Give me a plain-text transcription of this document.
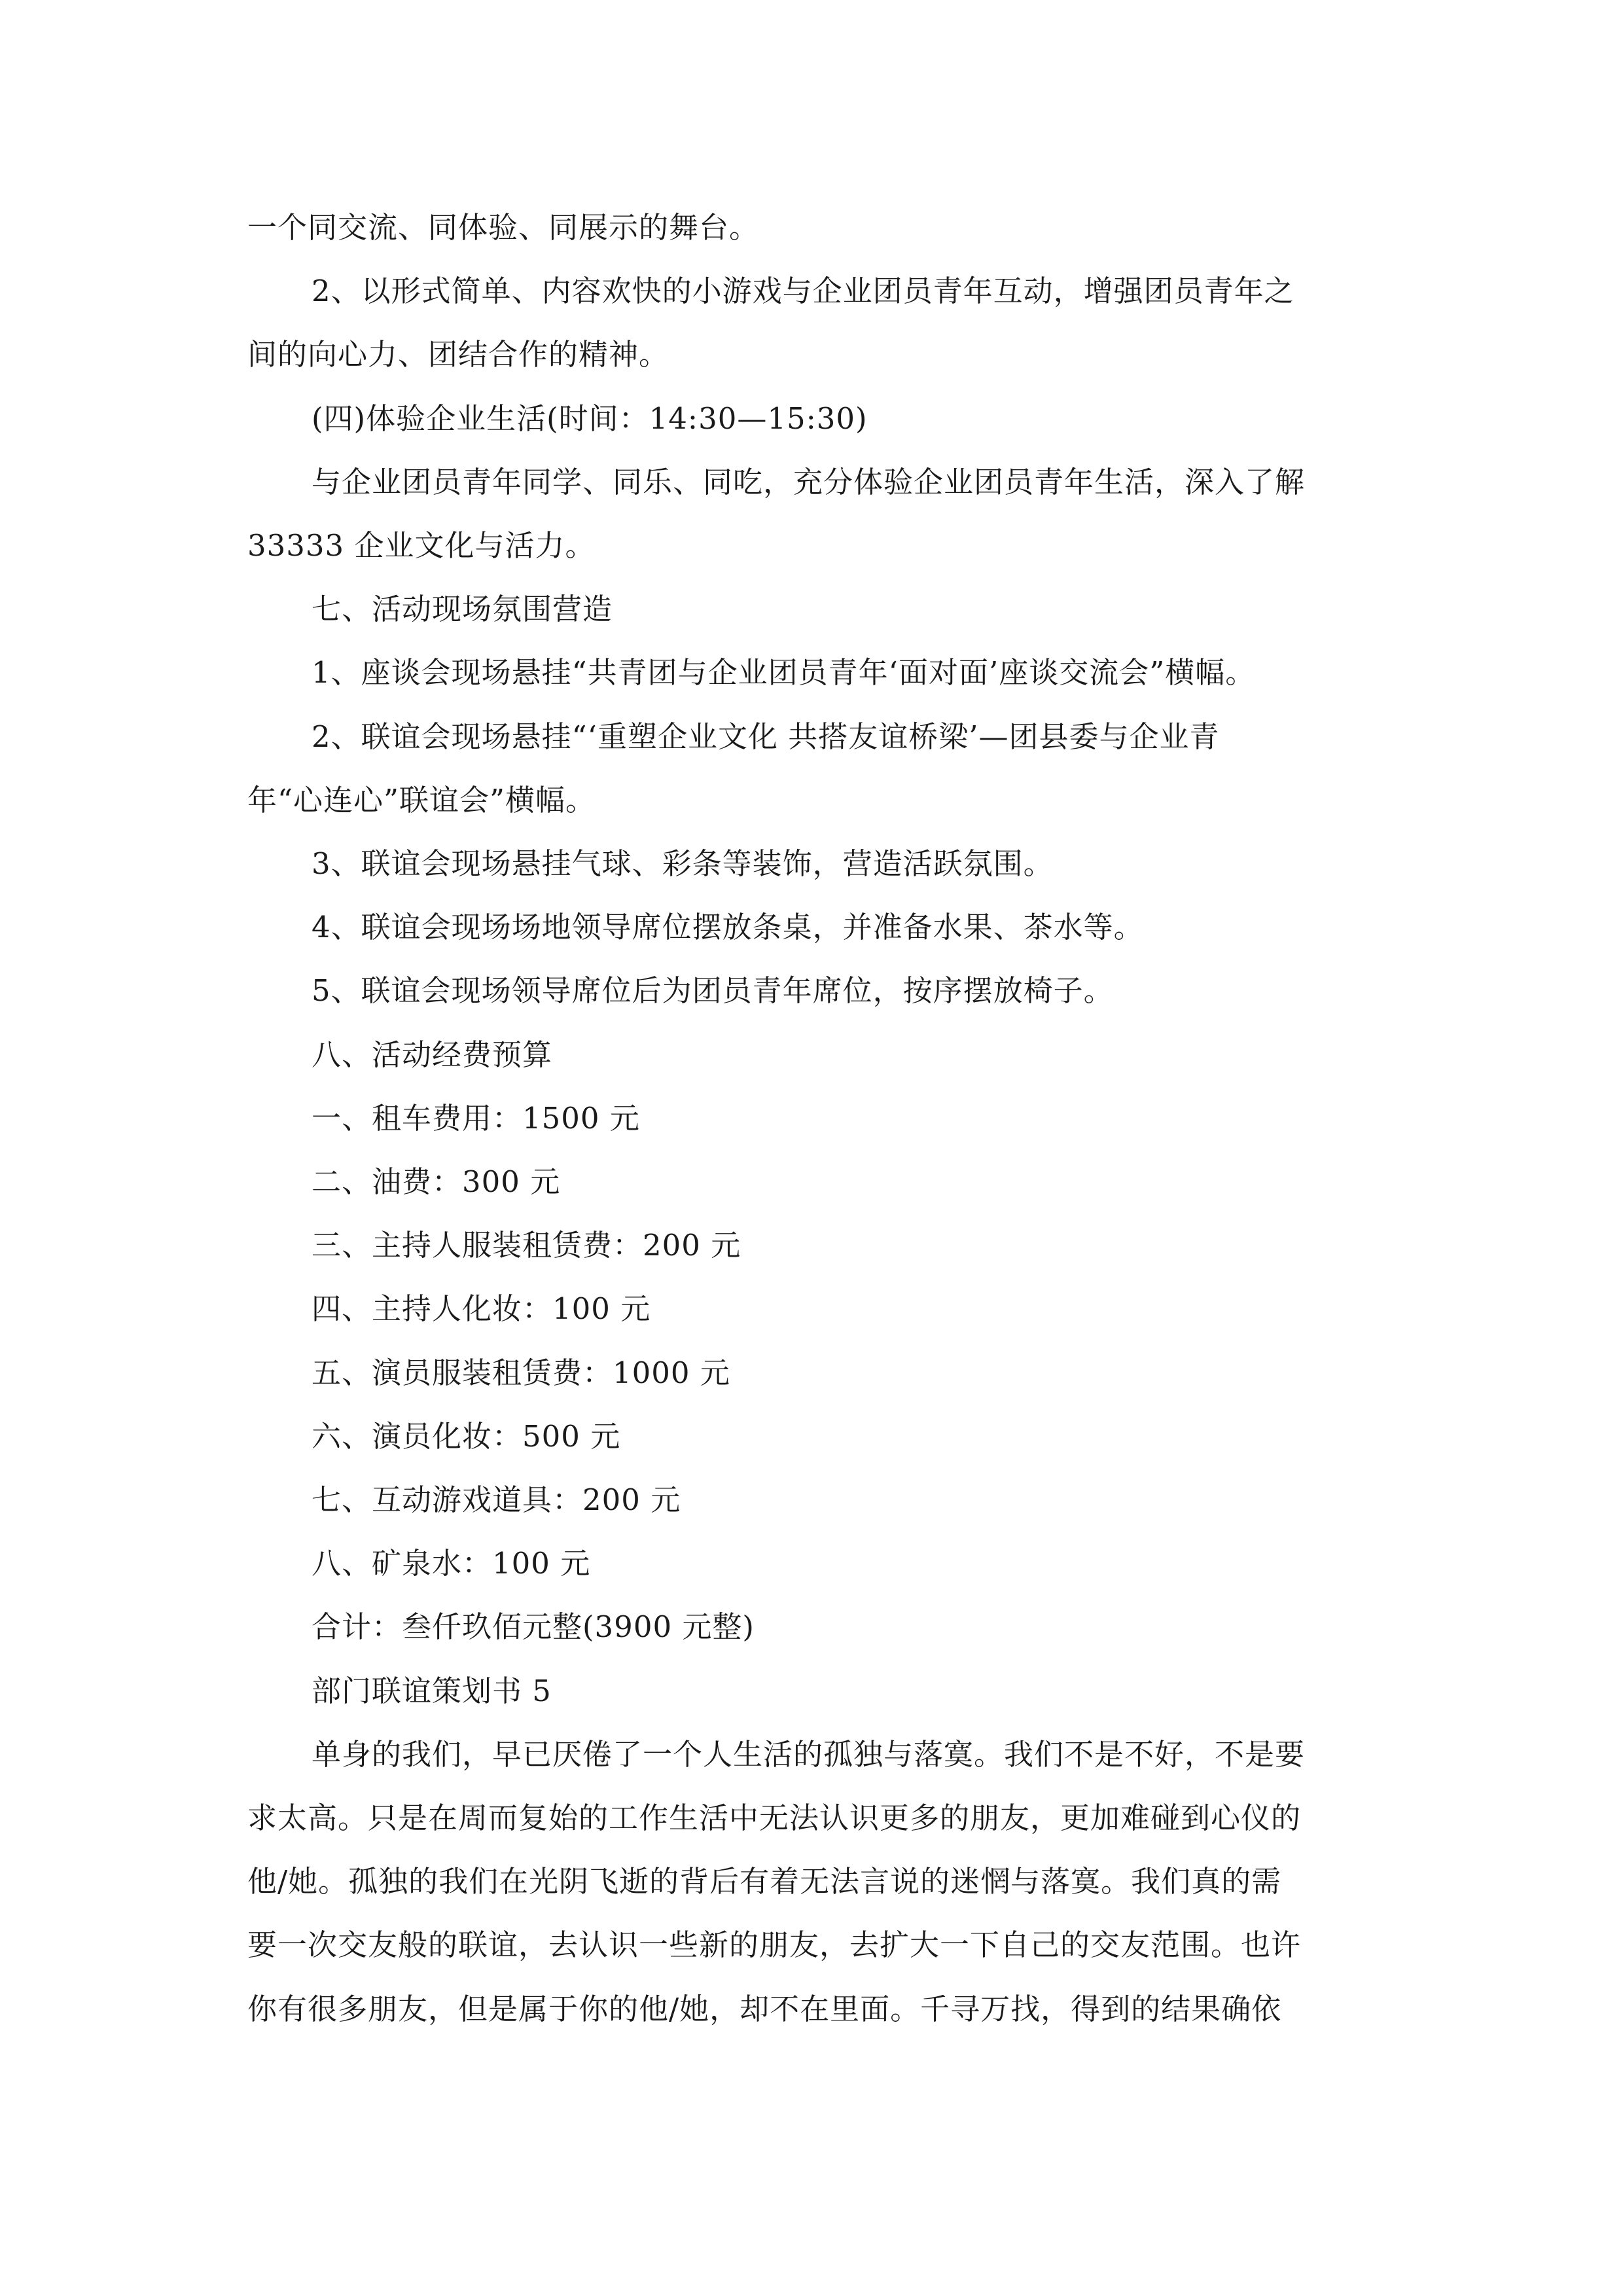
一个同交流、同体验、同展示的舞台。
2、以形式简单、内容欢快的小游戏与企业团员青年互动，增强团员青年之
间的向心力、团结合作的精神。
(四)体验企业生活(时间：14:30—15:30)
与企业团员青年同学、同乐、同吃，充分体验企业团员青年生活，深入了解
33333 企业文化与活力。
七、活动现场氛围营造
1、座谈会现场悬挂“共青团与企业团员青年‘面对面’座谈交流会”横幅。
2、联谊会现场悬挂“‘重塑企业文化 共搭友谊桥梁’—团县委与企业青
年“心连心”联谊会”横幅。
3、联谊会现场悬挂气球、彩条等装饰，营造活跃氛围。
4、联谊会现场场地领导席位摆放条桌，并准备水果、茶水等。
5、联谊会现场领导席位后为团员青年席位，按序摆放椅子。
八、活动经费预算
一、租车费用：1500 元
二、油费：300 元
三、主持人服装租赁费：200 元
四、主持人化妆：100 元
五、演员服装租赁费：1000 元
六、演员化妆：500 元
七、互动游戏道具：200 元
八、矿泉水：100 元
合计：叁仟玖佰元整(3900 元整)
部门联谊策划书 5
单身的我们，早已厌倦了一个人生活的孤独与落寞。我们不是不好，不是要
求太高。只是在周而复始的工作生活中无法认识更多的朋友，更加难碰到心仪的
他/她。孤独的我们在光阴飞逝的背后有着无法言说的迷惘与落寞。我们真的需
要一次交友般的联谊，去认识一些新的朋友，去扩大一下自己的交友范围。也许
你有很多朋友，但是属于你的他/她，却不在里面。千寻万找，得到的结果确依
